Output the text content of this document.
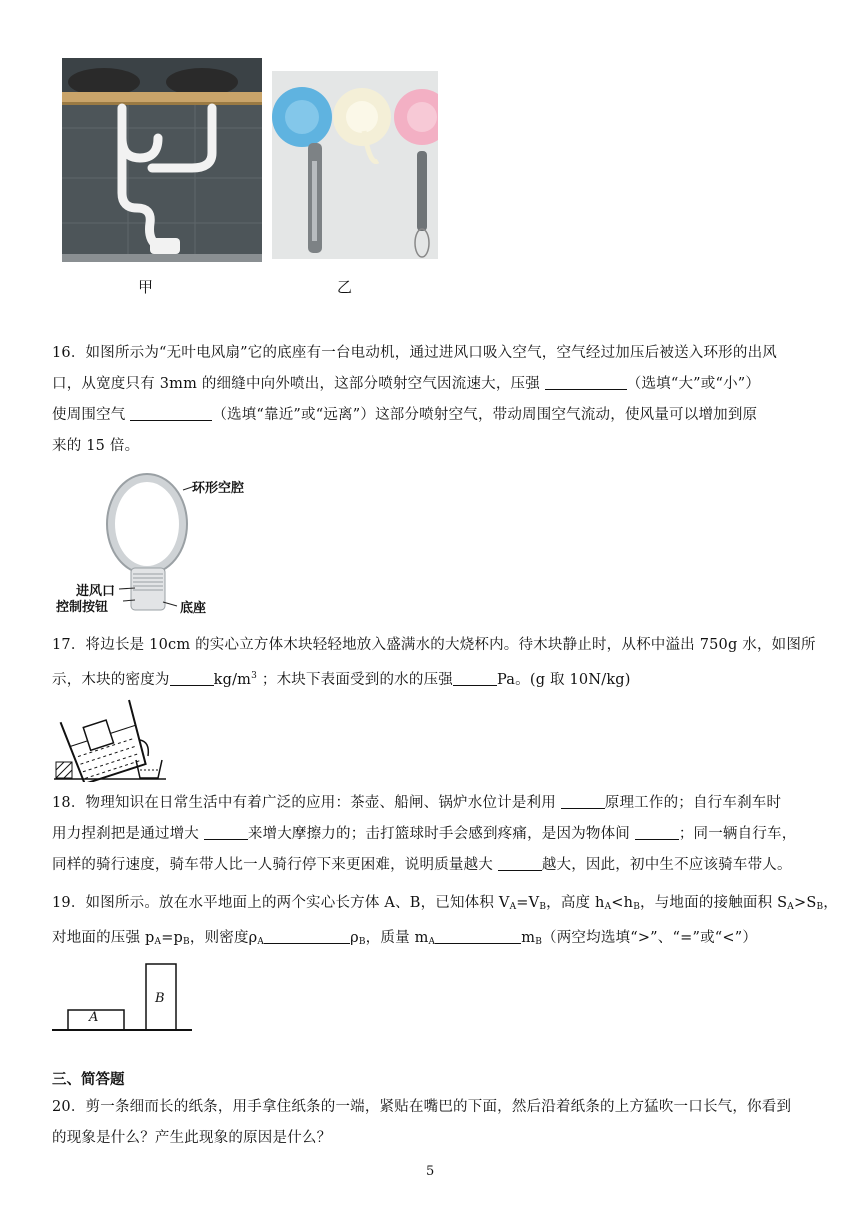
甲	乙
16．如图所示为“无叶电风扇”它的底座有一台电动机，通过进风口吸入空气，空气经过加压后被送入环形的出风
口，从宽度只有 3mm 的细缝中向外喷出，这部分喷射空气因流速大，压强	（选填“大”或“小”）
使周围空气	（选填“靠近”或“远离”）这部分喷射空气，带动周围空气流动，使风量可以增加到原
来的 15 倍。
环形空腔
进风口
控制按钮	底座
17．将边长是 10cm 的实心立方体木块轻轻地放入盛满水的大烧杯内。待木块静止时，从杯中溢出 750g 水，如图所
示，木块的密度为	$kg/m^3$ ；木块下表面受到的水的压强	Pa。(g 取 10N/kg)
18．物理知识在日常生活中有着广泛的应用：茶壶、船闸、锅炉水位计是利用	原理工作的；自行车刹车时
用力捏刹把是通过增大	来增大摩擦力的；击打篮球时手会感到疼痛，是因为物体间	；同一辆自行车，
同样的骑行速度，骑车带人比一人骑行停下来更困难，说明质量越大	越大，因此，初中生不应该骑车带人。
19．如图所示。放在水平地面上的两个实心长方体 A、B，已知体积 $V_A=V_B$，高度 $h_A<h_B$，与地面的接触面积 $S_A>S_B$，
对地面的压强 $p_A=p_B$，则密度$\rho_A$	$\rho_B$，质量 $m_A$	$m_B$（两空均选填“>”、“=”或“<”）
A
B
三、简答题
20．剪一条细而长的纸条，用手拿住纸条的一端，紧贴在嘴巴的下面，然后沿着纸条的上方猛吹一口长气，你看到
的现象是什么？产生此现象的原因是什么？
5
